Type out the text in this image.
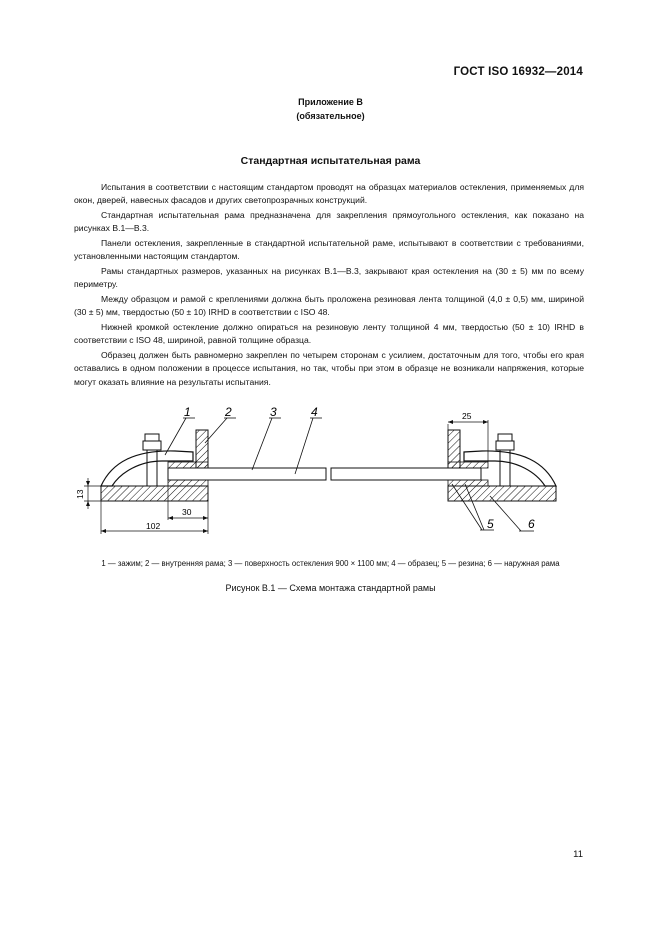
ГОСТ ISO 16932—2014
Приложение В
(обязательное)
Стандартная испытательная рама

Испытания в соответствии с настоящим стандартом проводят на образцах материалов остекления, применяемых для окон, дверей, навесных фасадов и других светопрозрачных конструкций.

Стандартная испытательная рама предназначена для закрепления прямоугольного остекления, как показано на рисунках В.1—В.3.

Панели остекления, закрепленные в стандартной испытательной раме, испытывают в соответствии с требованиями, установленными настоящим стандартом.

Рамы стандартных размеров, указанных на рисунках В.1—В.3, закрывают края остекления на (30 ± 5) мм по всему периметру.

Между образцом и рамой с креплениями должна быть проложена резиновая лента толщиной (4,0 ± 0,5) мм, шириной (30 ± 5) мм, твердостью (50 ± 10) IRHD в соответствии с ISO 48.

Нижней кромкой остекление должно опираться на резиновую ленту толщиной 4 мм, твердостью (50 ± 10) IRHD в соответствии с ISO 48, шириной, равной толщине образца.

Образец должен быть равномерно закреплен по четырем сторонам с усилием, достаточным для того, чтобы его края оставались в одном положении в процессе испытания, но так, чтобы при этом в образце не возникали напряжения, которые могут оказать влияние на результаты испытания.

1	2	3	4
5	6
25
13
30
102
1 — зажим; 2 — внутренняя рама; 3 — поверхность остекления 900 × 1100 мм; 4 — образец; 5 — резина; 6 — наружная рама
Рисунок В.1 — Схема монтажа стандартной рамы
11
